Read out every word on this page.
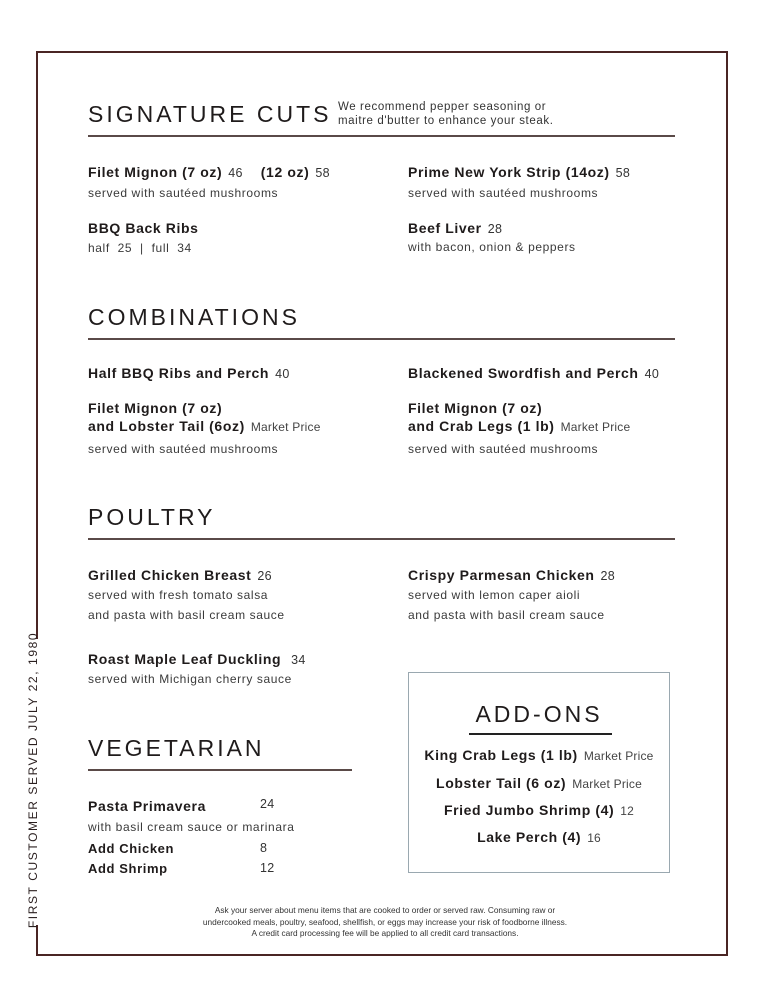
FIRST CUSTOMER SERVED JULY 22, 1980
SIGNATURE CUTS We recommend pepper seasoning or
maitre d'butter to enhance your steak.
Filet Mignon (7 oz) 46 (12 oz) 58
served with sautéed mushrooms
Prime New York Strip (14oz) 58
served with sautéed mushrooms
BBQ Back Ribs
half  25  |  full  34
Beef Liver 28
with bacon, onion & peppers
COMBINATIONS
Half BBQ Ribs and Perch 40	Blackened Swordfish and Perch 40
Filet Mignon (7 oz)
and Lobster Tail (6oz) Market Price
served with sautéed mushrooms
Filet Mignon (7 oz)
and Crab Legs (1 lb) Market Price
served with sautéed mushrooms
POULTRY
Grilled Chicken Breast 26
served with fresh tomato salsa
and pasta with basil cream sauce
Crispy Parmesan Chicken 28
served with lemon caper aioli
and pasta with basil cream sauce
Roast Maple Leaf Duckling 34
served with Michigan cherry sauce
VEGETARIAN
Pasta Primavera	24
with basil cream sauce or marinara
Add Chicken	8
Add Shrimp	12
ADD-ONS
King Crab Legs (1 lb) Market Price
Lobster Tail (6 oz) Market Price
Fried Jumbo Shrimp (4) 12
Lake Perch (4) 16
Ask your server about menu items that are cooked to order or served raw. Consuming raw or
undercooked meals, poultry, seafood, shellfish, or eggs may increase your risk of foodborne illness.
A credit card processing fee will be applied to all credit card transactions.
